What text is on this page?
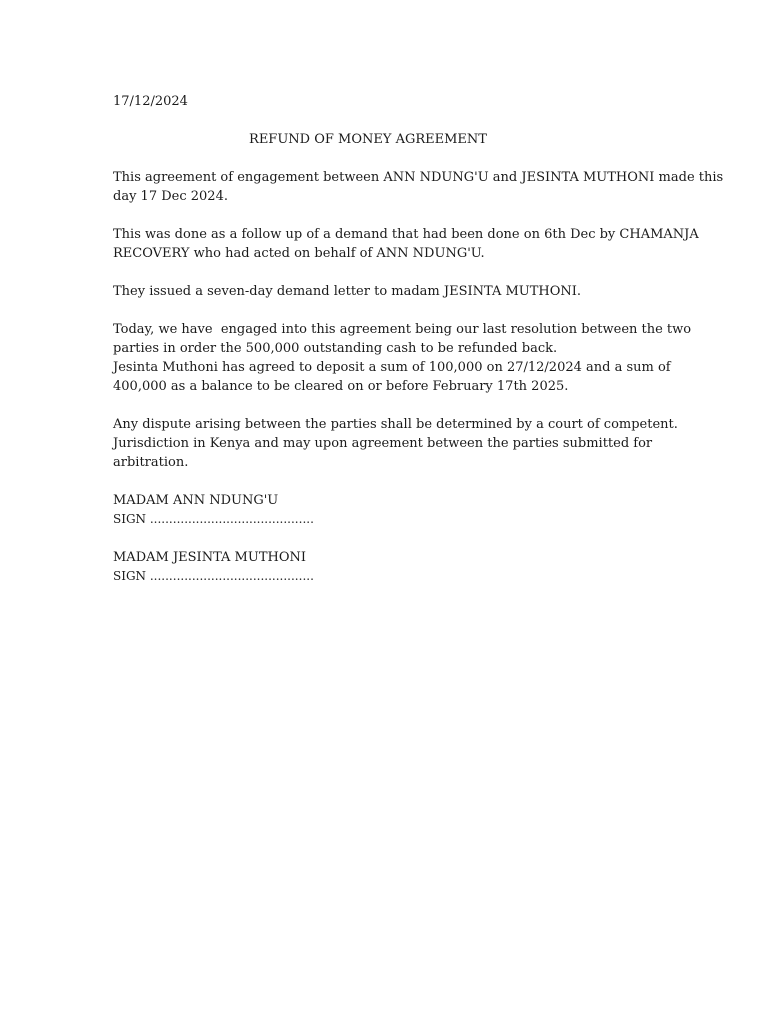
17/12/2024
REFUND OF MONEY AGREEMENT
This agreement of engagement between ANN NDUNG'U and JESINTA MUTHONI made this
day 17 Dec 2024.
This was done as a follow up of a demand that had been done on 6th Dec by CHAMANJA
RECOVERY who had acted on behalf of ANN NDUNG'U.
They issued a seven-day demand letter to madam JESINTA MUTHONI.
Today, we have  engaged into this agreement being our last resolution between the two
parties in order the 500,000 outstanding cash to be refunded back.
Jesinta Muthoni has agreed to deposit a sum of 100,000 on 27/12/2024 and a sum of
400,000 as a balance to be cleared on or before February 17th 2025.
Any dispute arising between the parties shall be determined by a court of competent.
Jurisdiction in Kenya and may upon agreement between the parties submitted for
arbitration.
MADAM ANN NDUNG'U
SIGN ...........................................
MADAM JESINTA MUTHONI
SIGN ...........................................
